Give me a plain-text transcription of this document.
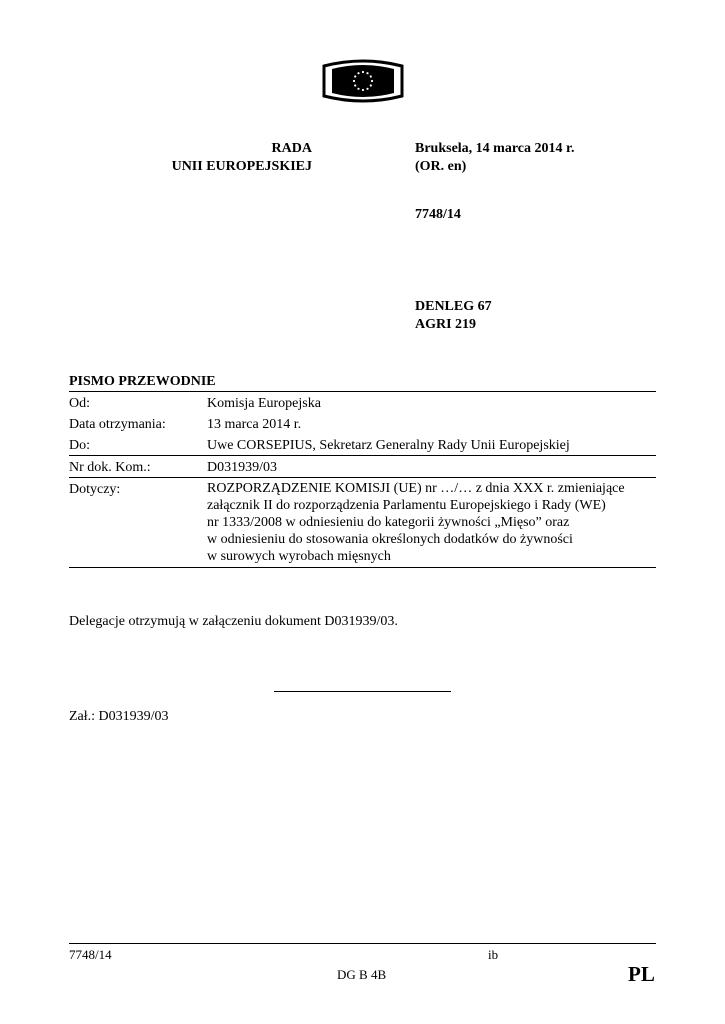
RADA
UNII EUROPEJSKIEJ
Bruksela, 14 marca 2014 r.
(OR. en)
7748/14
DENLEG 67
AGRI 219
PISMO PRZEWODNIE
Od:	Komisja Europejska
Data otrzymania:	13 marca 2014 r.
Do:	Uwe CORSEPIUS, Sekretarz Generalny Rady Unii Europejskiej
Nr dok. Kom.:	D031939/03
Dotyczy:	ROZPORZĄDZENIE KOMISJI (UE) nr …/… z dnia XXX r. zmieniające
załącznik II do rozporządzenia Parlamentu Europejskiego i Rady (WE)
nr 1333/2008 w odniesieniu do kategorii żywności „Mięso” oraz
w odniesieniu do stosowania określonych dodatków do żywności
w surowych wyrobach mięsnych
Delegacje otrzymują w załączeniu dokument D031939/03.
Zał.: D031939/03
7748/14	ib
DG B 4B	PL
